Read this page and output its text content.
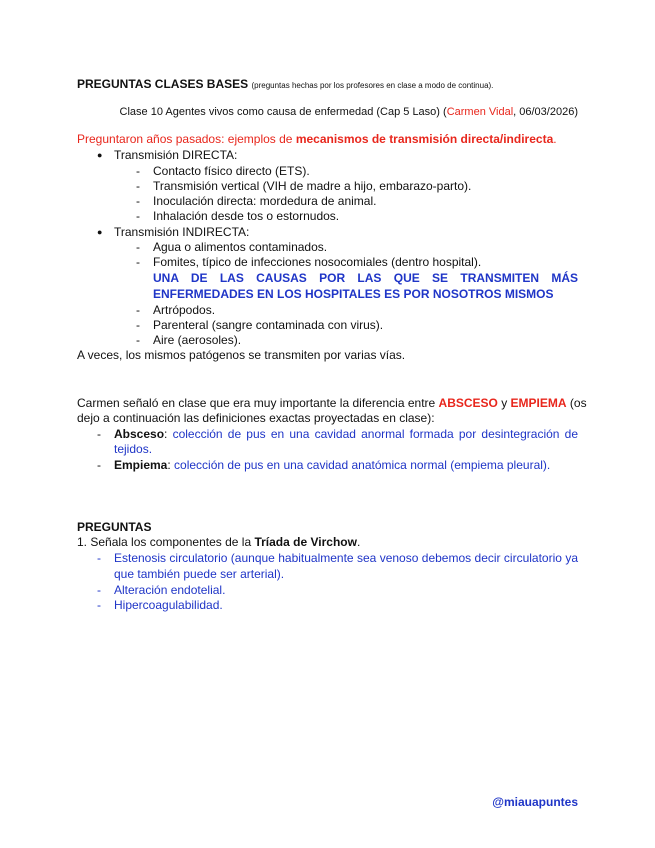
PREGUNTAS CLASES BASES (preguntas hechas por los profesores en clase a modo de continua).
Clase 10 Agentes vivos como causa de enfermedad (Cap 5 Laso) (Carmen Vidal, 06/03/2026)
Preguntaron años pasados: ejemplos de mecanismos de transmisión directa/indirecta.
● Transmisión DIRECTA:
- Contacto físico directo (ETS).
- Transmisión vertical (VIH de madre a hijo, embarazo-parto).
- Inoculación directa: mordedura de animal.
- Inhalación desde tos o estornudos.
● Transmisión INDIRECTA:
- Agua o alimentos contaminados.
- Fomites, típico de infecciones nosocomiales (dentro hospital).
UNA DE LAS CAUSAS POR LAS QUE SE TRANSMITEN MÁS
ENFERMEDADES EN LOS HOSPITALES ES POR NOSOTROS MISMOS
- Artrópodos.
- Parenteral (sangre contaminada con virus).
- Aire (aerosoles).
A veces, los mismos patógenos se transmiten por varias vías.
Carmen señaló en clase que era muy importante la diferencia entre ABSCESO y EMPIEMA (os
dejo a continuación las definiciones exactas proyectadas en clase):
- Absceso: colección de pus en una cavidad anormal formada por desintegración de
tejidos.
- Empiema: colección de pus en una cavidad anatómica normal (empiema pleural).
PREGUNTAS
1. Señala los componentes de la Tríada de Virchow.
- Estenosis circulatorio (aunque habitualmente sea venoso debemos decir circulatorio ya
que también puede ser arterial).
- Alteración endotelial.
- Hipercoagulabilidad.
@miauapuntes
